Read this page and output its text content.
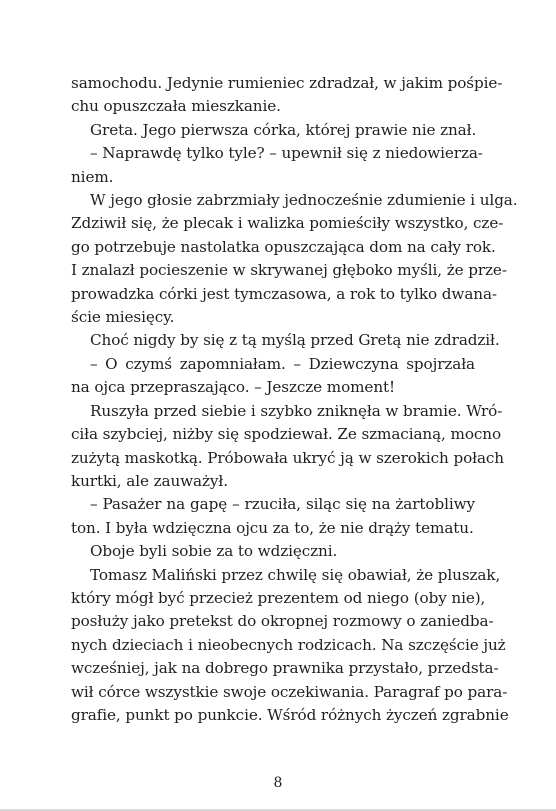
samochodu. Jedynie rumieniec zdradzał, w jakim pośpie-
chu opuszczała mieszkanie.
Greta. Jego pierwsza córka, której prawie nie znał.
– Naprawdę tylko tyle? – upewnił się z niedowierza-
niem.
W jego głosie zabrzmiały jednocześnie zdumienie i ulga.
Zdziwił się, że plecak i walizka pomieściły wszystko, cze-
go potrzebuje nastolatka opuszczająca dom na cały rok.
I znalazł pocieszenie w skrywanej głęboko myśli, że prze-
prowadzka córki jest tymczasowa, a rok to tylko dwana-
ście miesięcy.
Choć nigdy by się z tą myślą przed Gretą nie zdradził.
– O czymś zapomniałam. – Dziewczyna spojrzała
na ojca przepraszająco. – Jeszcze moment!
Ruszyła przed siebie i szybko zniknęła w bramie. Wró-
ciła szybciej, niżby się spodziewał. Ze szmacianą, mocno
zużytą maskotką. Próbowała ukryć ją w szerokich połach
kurtki, ale zauważył.
– Pasażer na gapę – rzuciła, siląc się na żartobliwy
ton. I była wdzięczna ojcu za to, że nie drąży tematu.
Oboje byli sobie za to wdzięczni.
Tomasz Maliński przez chwilę się obawiał, że pluszak,
który mógł być przecież prezentem od niego (oby nie),
posłuży jako pretekst do okropnej rozmowy o zaniedba-
nych dzieciach i nieobecnych rodzicach. Na szczęście już
wcześniej, jak na dobrego prawnika przystało, przedsta-
wił córce wszystkie swoje oczekiwania. Paragraf po para-
grafie, punkt po punkcie. Wśród różnych życzeń zgrabnie
8
